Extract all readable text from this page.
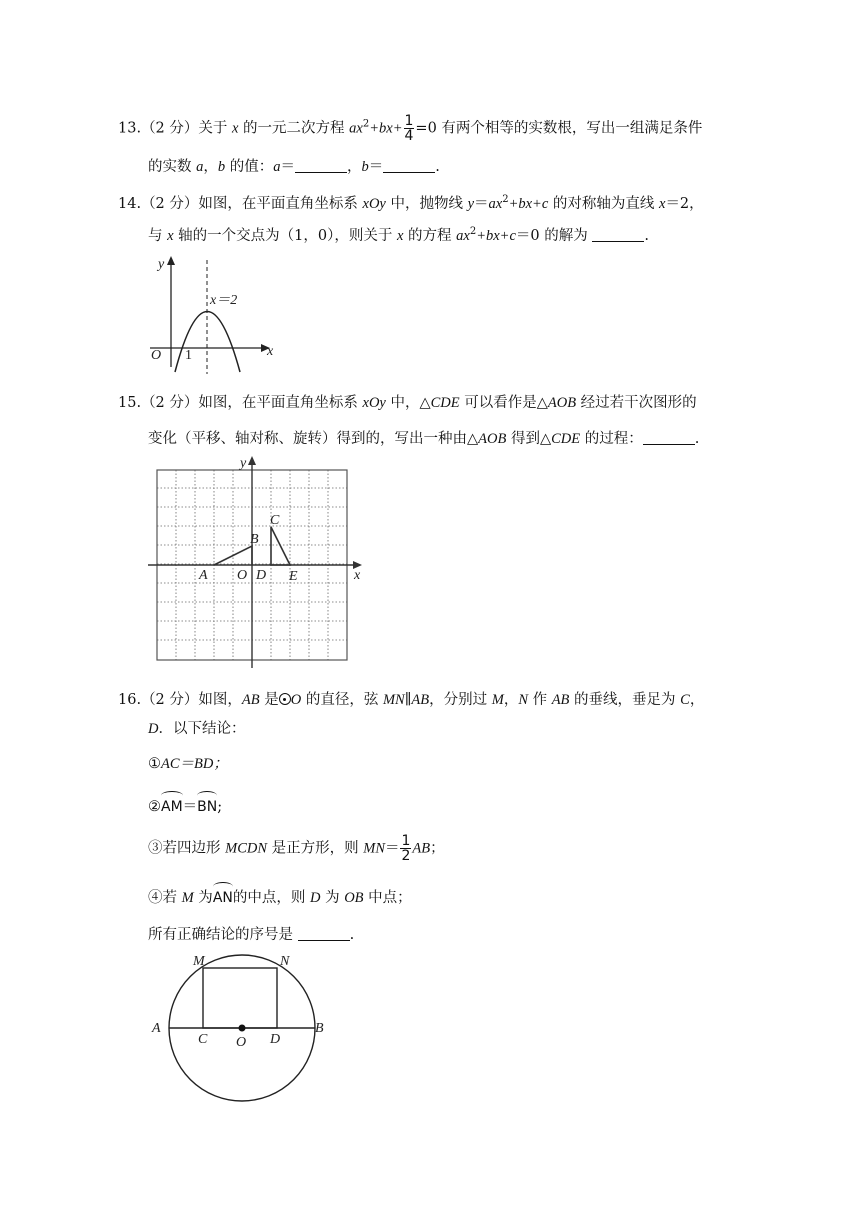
13.（2 分）关于 x 的一元二次方程 $ax^2+bx+ \frac{1}{4} =0$ 有两个相等的实数根，写出一组满足条件
的实数 a，b 的值：a＝	，b＝	.
14.（2 分）如图，在平面直角坐标系 xOy 中，抛物线 $y=ax^2+bx+c$ 的对称轴为直线 x＝2，
与 x 轴的一个交点为（1，0），则关于 x 的方程 $ax^2+bx+c=0$ 的解为	.
y
x
O 1
x＝2
15.（2 分）如图，在平面直角坐标系 xOy 中，△CDE 可以看作是△AOB 经过若干次图形的
变化（平移、轴对称、旋转）得到的，写出一种由△AOB 得到△CDE 的过程：	.
y
x
A
B
C
O D E
16.（2 分）如图，AB 是 O 的直径，弦 MN∥AB，分别过 M，N 作 AB 的垂线，垂足为 C，
D．以下结论：
①AC＝BD；
②AM＝BN;
③若四边形 MCDN 是正方形，则 $MN= \frac{1}{2}$ AB；
④若 M 为AN的中点，则 D 为 OB 中点；
所有正确结论的序号是	.
M	N
A	B
C O D
